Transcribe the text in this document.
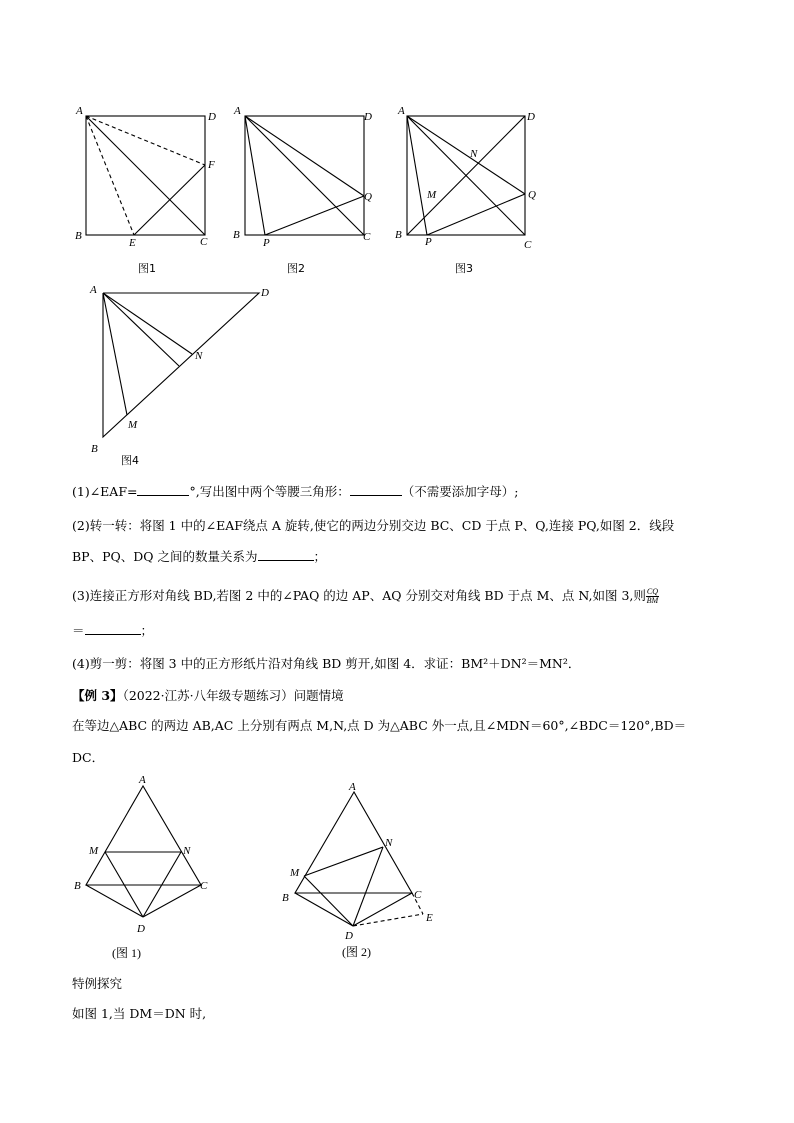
A	D
B	C
E
F
图1
A	D
B	C
P
Q
图2
A	D
B
C
P
Q
M
N
图3
A	D
B
M
N
图4
(1)∠EAF=	°,写出图中两个等腰三角形：	（不需要添加字母）;
(2)转一转：将图 1 中的∠EAF绕点 A 旋转,使它的两边分别交边 BC、CD 于点 P、Q,连接 PQ,如图 2．线段
BP、PQ、DQ 之间的数量关系为	；
(3)连接正方形对角线 BD,若图 2 中的∠PAQ 的边 AP、AQ 分别交对角线 BD 于点 M、点 N,如图 3,则 $\frac{CQ}{BM}$
＝	；
(4)剪一剪：将图 3 中的正方形纸片沿对角线 BD 剪开,如图 4．求证：BM²＋DN²＝MN²．
【例 3】（2022·江苏·八年级专题练习）问题情境
在等边△ABC 的两边 AB,AC 上分别有两点 M,N,点 D 为△ABC 外一点,且∠MDN＝60°,∠BDC＝120°,BD＝
DC．
A
M	N
B	C
D
(图 1)
A
N
M
B	C
E
D
(图 2)
特例探究
如图 1,当 DM＝DN 时,
